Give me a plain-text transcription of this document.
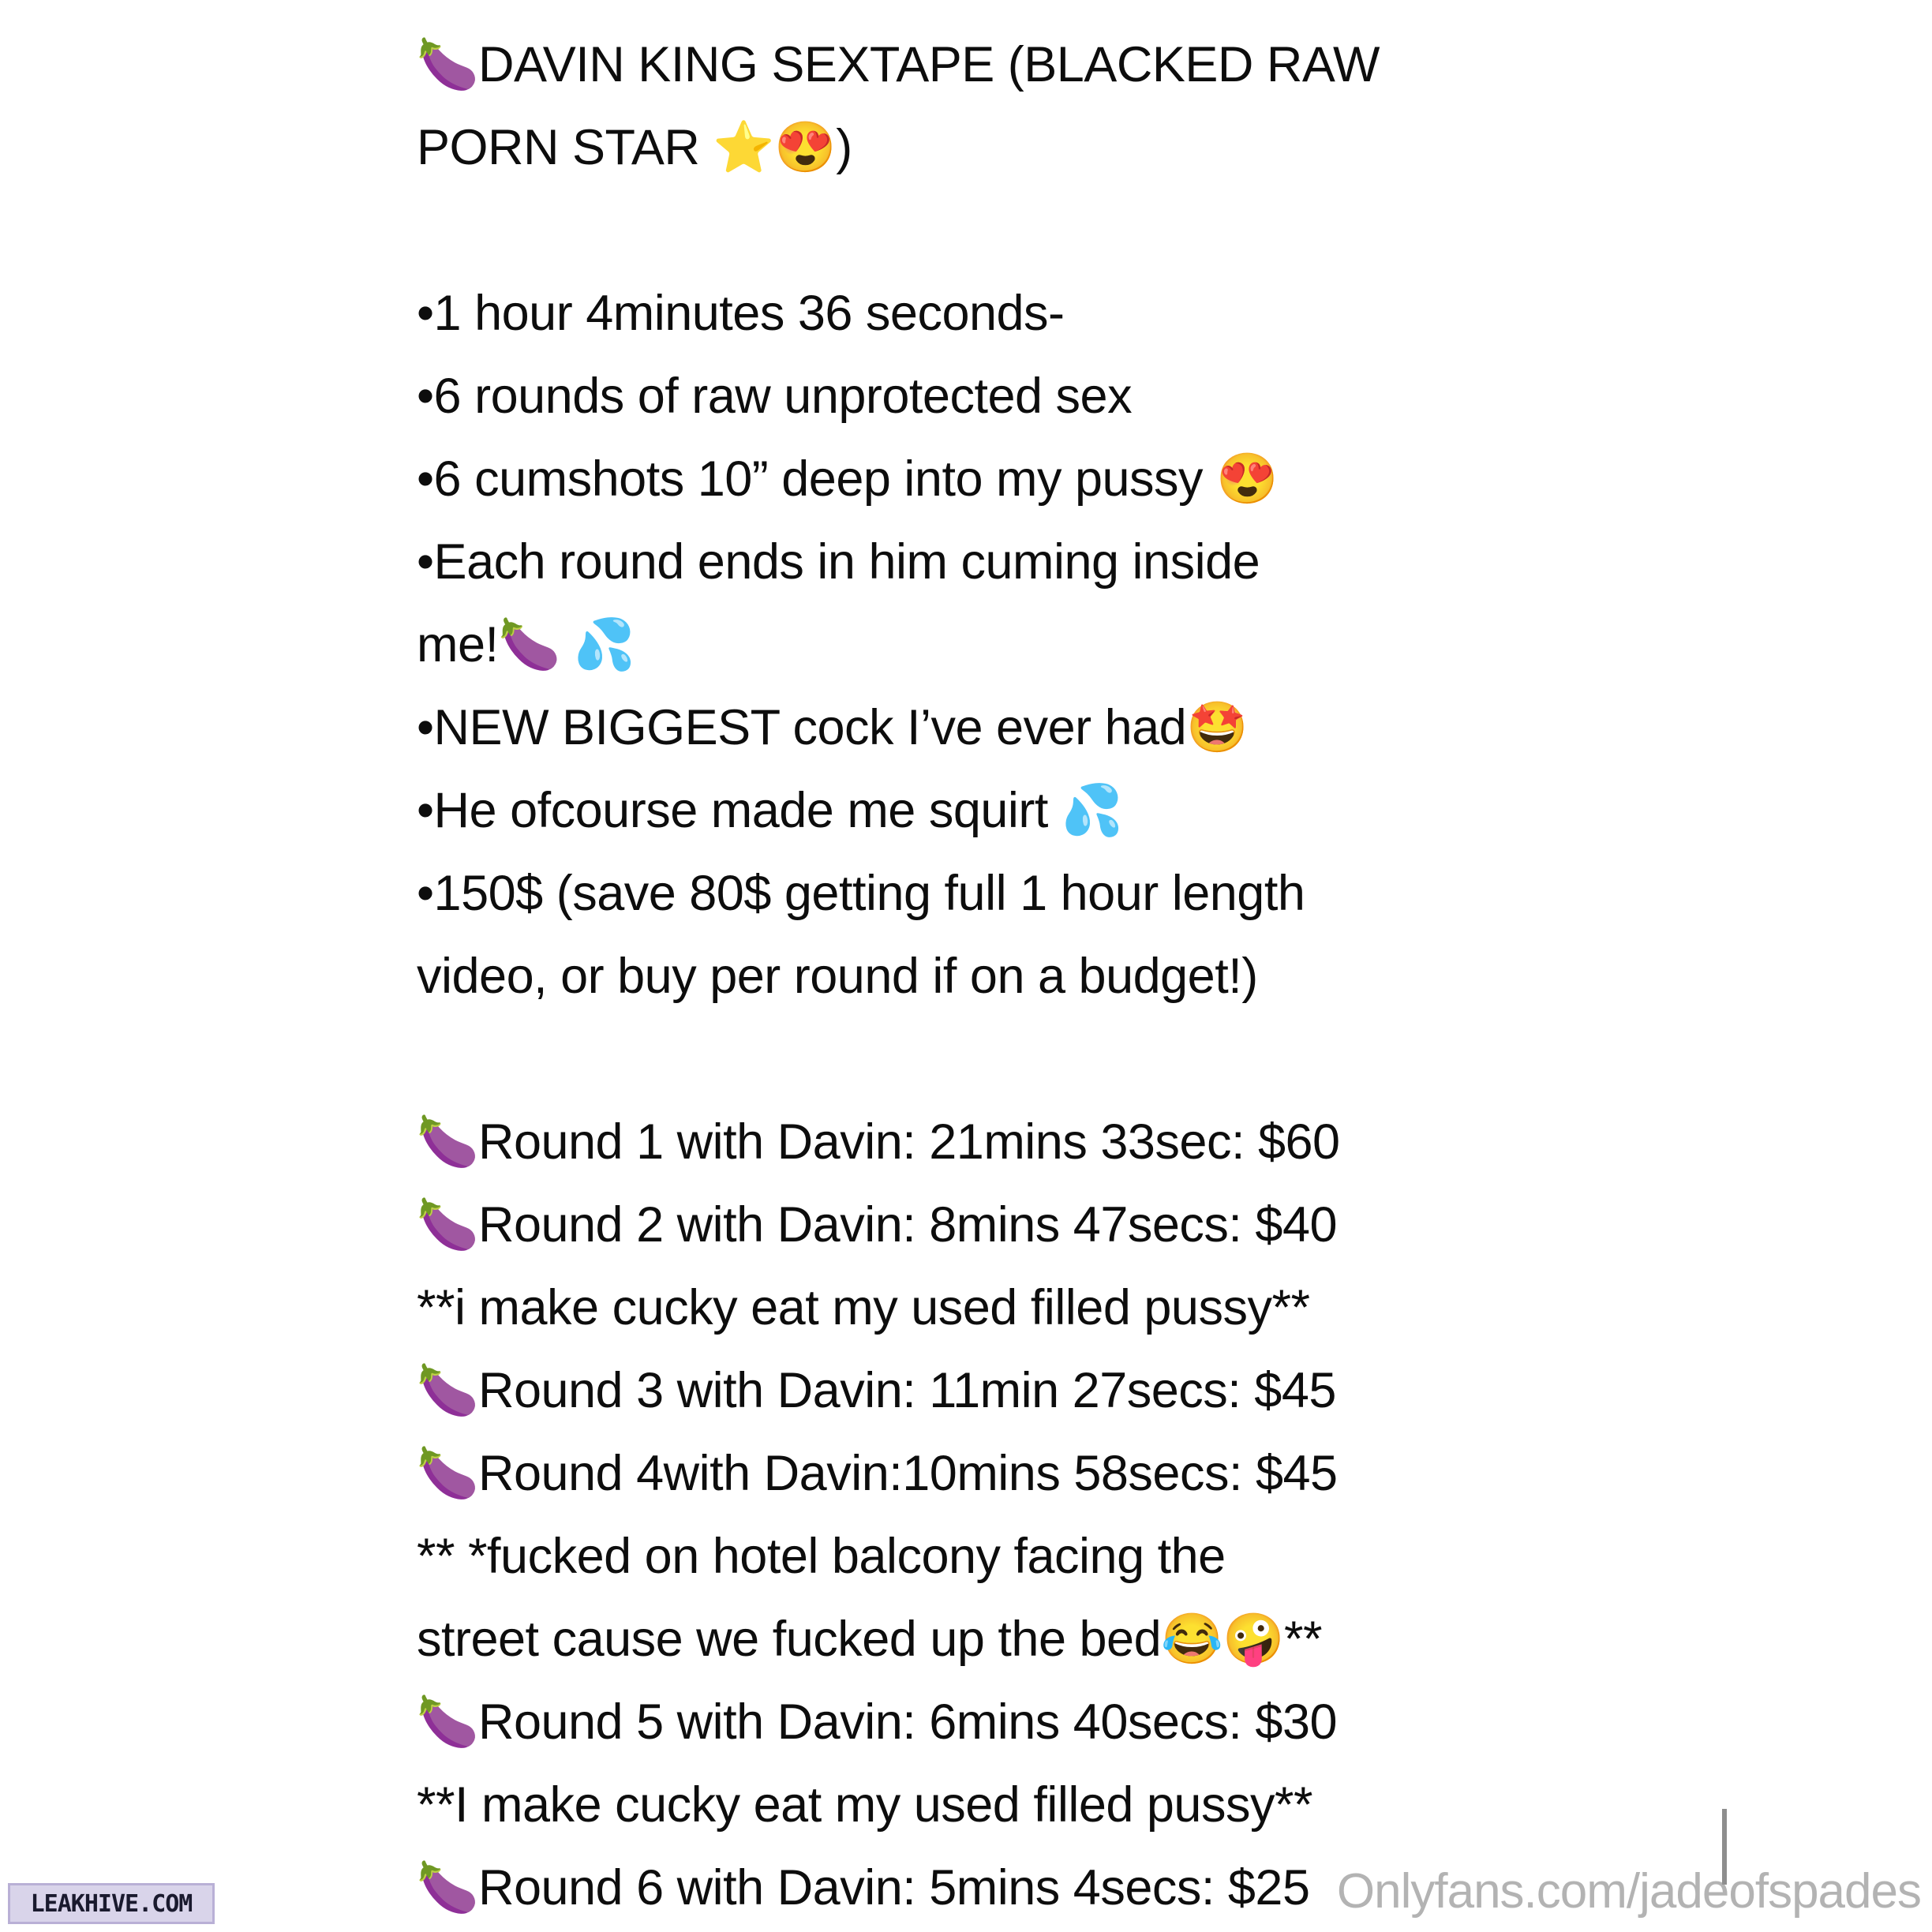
🍆DAVIN KING SEXTAPE (BLACKED RAW
PORN STAR ⭐😍)
•1 hour 4minutes 36 seconds-
•6 rounds of raw unprotected sex
•6 cumshots 10” deep into my pussy 😍
•Each round ends in him cuming inside
me!🍆 💦
•NEW BIGGEST cock I’ve ever had🤩
•He ofcourse made me squirt 💦
•150$ (save 80$ getting full 1 hour length
video, or buy per round if on a budget!)
🍆Round 1 with Davin: 21mins 33sec: $60
🍆Round 2 with Davin: 8mins 47secs: $40
**i make cucky eat my used filled pussy**
🍆Round 3 with Davin: 11min 27secs: $45
🍆Round 4with Davin:10mins 58secs: $45
** *fucked on hotel balcony facing the
street cause we fucked up the bed😂🤪**
🍆Round 5 with Davin: 6mins 40secs: $30
**I make cucky eat my used filled pussy**
🍆Round 6 with Davin: 5mins 4secs: $25
LEAKHIVE.COM	Onlyfans.com/jadeofspades
